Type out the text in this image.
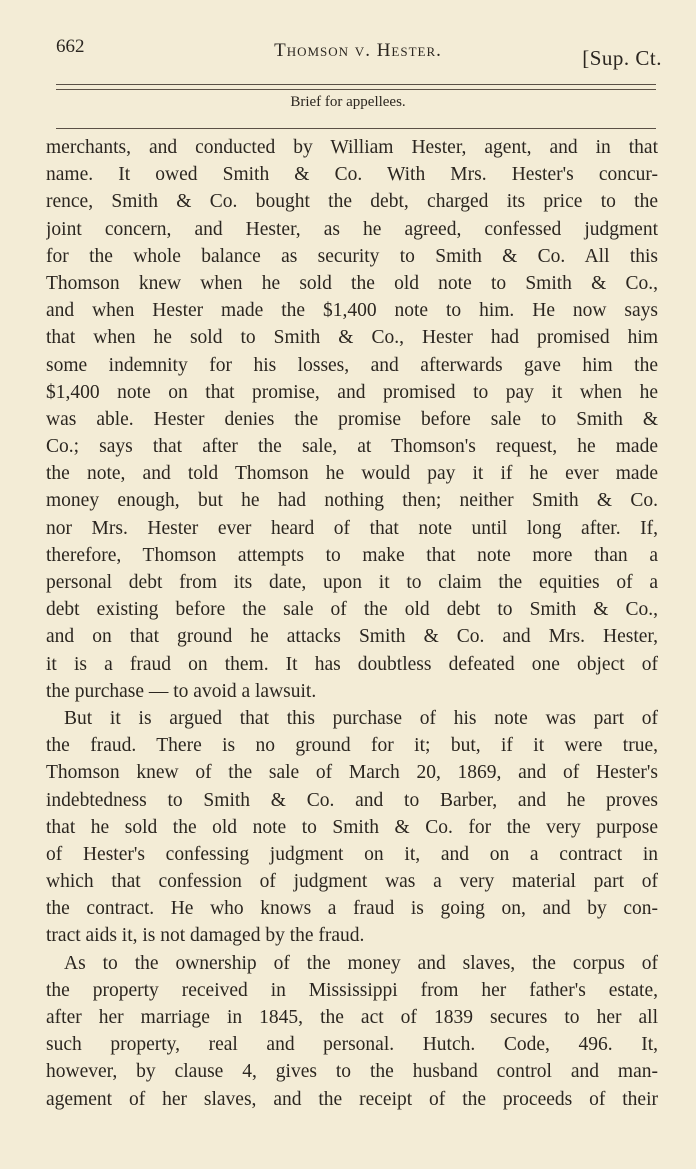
662	Thomson v. Hester.	[Sup. Ct.
Brief for appellees.
merchants, and conducted by William Hester, agent, and in that
name. It owed Smith & Co. With Mrs. Hester's concur-
rence, Smith & Co. bought the debt, charged its price to the
joint concern, and Hester, as he agreed, confessed judgment
for the whole balance as security to Smith & Co. All this
Thomson knew when he sold the old note to Smith & Co.,
and when Hester made the $1,400 note to him. He now says
that when he sold to Smith & Co., Hester had promised him
some indemnity for his losses, and afterwards gave him the
$1,400 note on that promise, and promised to pay it when he
was able. Hester denies the promise before sale to Smith &
Co.; says that after the sale, at Thomson's request, he made
the note, and told Thomson he would pay it if he ever made
money enough, but he had nothing then; neither Smith & Co.
nor Mrs. Hester ever heard of that note until long after. If,
therefore, Thomson attempts to make that note more than a
personal debt from its date, upon it to claim the equities of a
debt existing before the sale of the old debt to Smith & Co.,
and on that ground he attacks Smith & Co. and Mrs. Hester,
it is a fraud on them. It has doubtless defeated one object of
the purchase — to avoid a lawsuit.
But it is argued that this purchase of his note was part of
the fraud. There is no ground for it; but, if it were true,
Thomson knew of the sale of March 20, 1869, and of Hester's
indebtedness to Smith & Co. and to Barber, and he proves
that he sold the old note to Smith & Co. for the very purpose
of Hester's confessing judgment on it, and on a contract in
which that confession of judgment was a very material part of
the contract. He who knows a fraud is going on, and by con-
tract aids it, is not damaged by the fraud.
As to the ownership of the money and slaves, the corpus of
the property received in Mississippi from her father's estate,
after her marriage in 1845, the act of 1839 secures to her all
such property, real and personal. Hutch. Code, 496. It,
however, by clause 4, gives to the husband control and man-
agement of her slaves, and the receipt of the proceeds of their
